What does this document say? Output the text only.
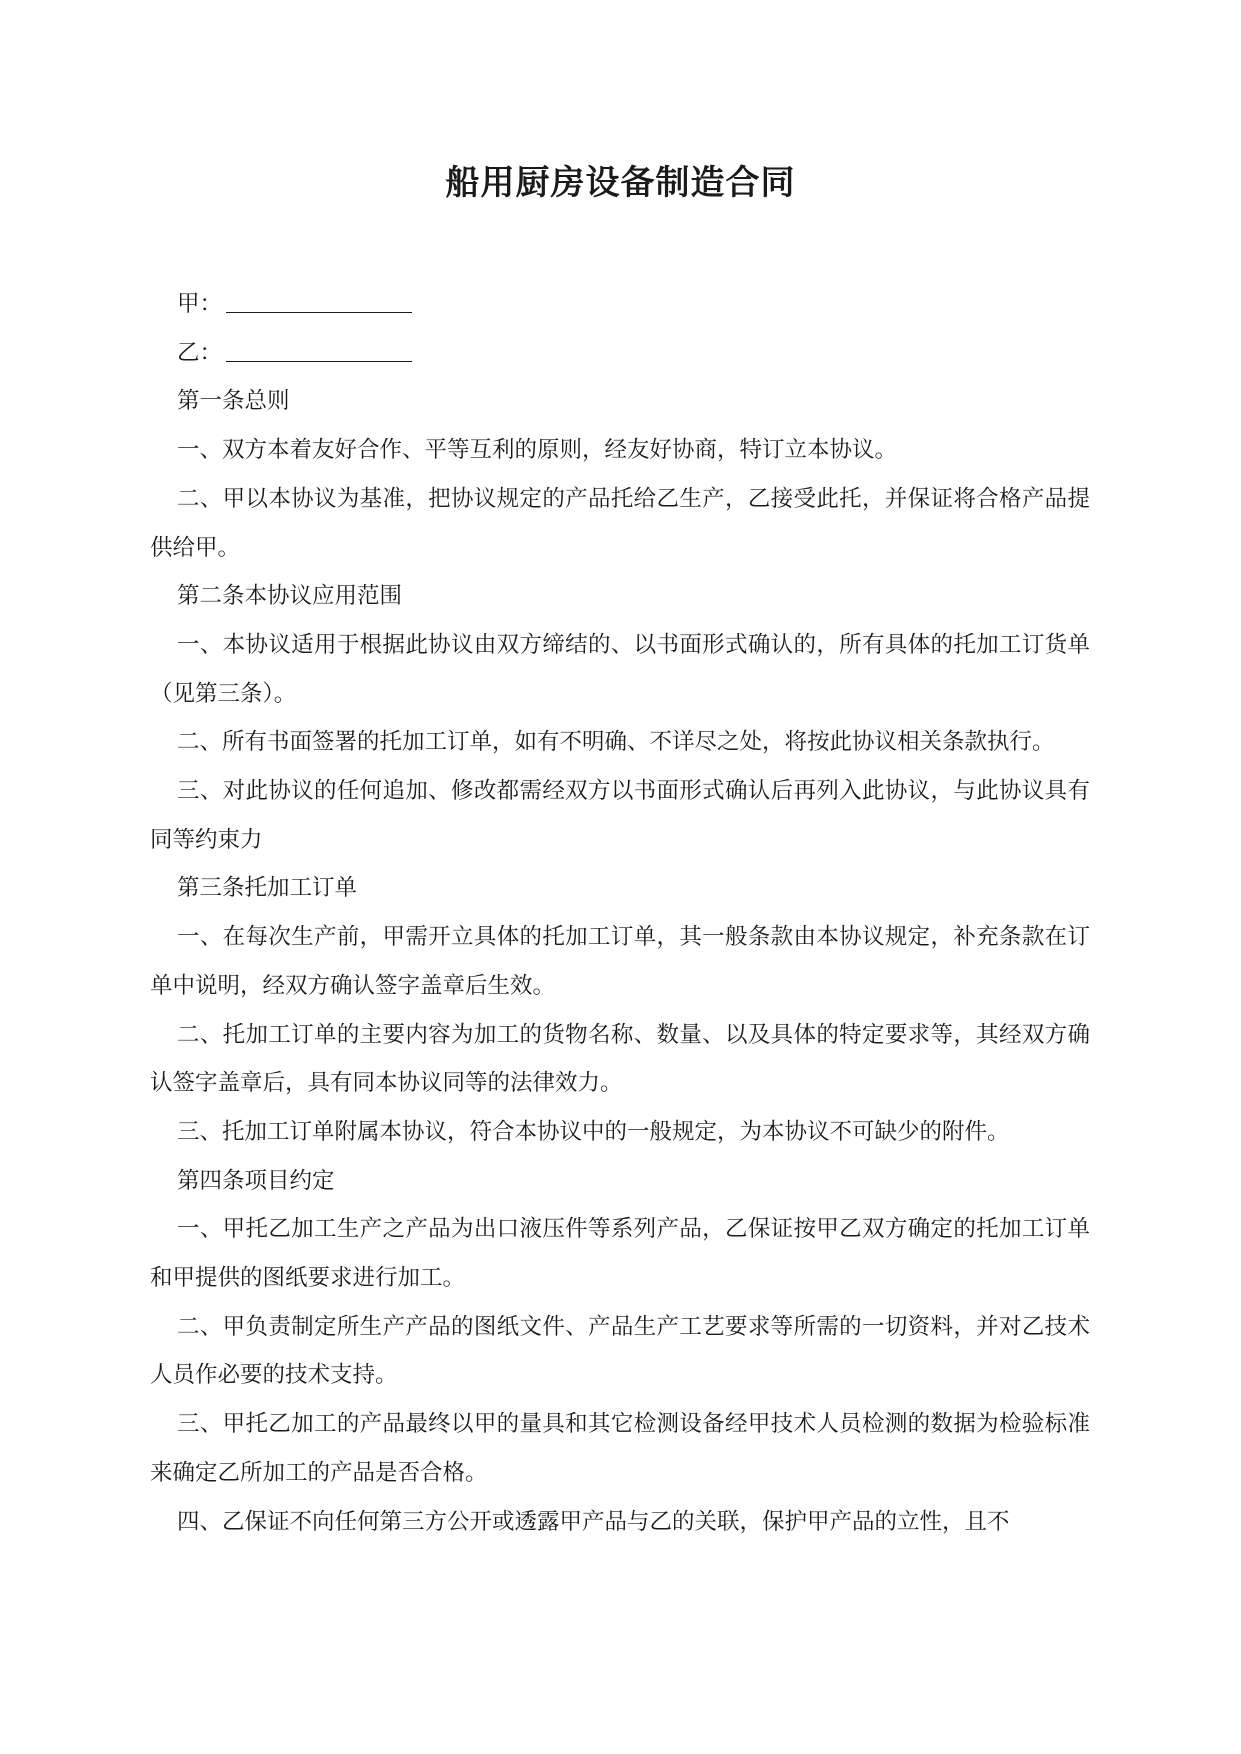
船用厨房设备制造合同

甲：

乙：

第一条总则

一、双方本着友好合作、平等互利的原则，经友好协商，特订立本协议。

二、甲以本协议为基准，把协议规定的产品托给乙生产，乙接受此托，并保证将合格产品提供给甲。

第二条本协议应用范围

一、本协议适用于根据此协议由双方缔结的、以书面形式确认的，所有具体的托加工订货单（见第三条）。

二、所有书面签署的托加工订单，如有不明确、不详尽之处，将按此协议相关条款执行。

三、对此协议的任何追加、修改都需经双方以书面形式确认后再列入此协议，与此协议具有同等约束力

第三条托加工订单

一、在每次生产前，甲需开立具体的托加工订单，其一般条款由本协议规定，补充条款在订单中说明，经双方确认签字盖章后生效。

二、托加工订单的主要内容为加工的货物名称、数量、以及具体的特定要求等，其经双方确认签字盖章后，具有同本协议同等的法律效力。

三、托加工订单附属本协议，符合本协议中的一般规定，为本协议不可缺少的附件。

第四条项目约定

一、甲托乙加工生产之产品为出口液压件等系列产品，乙保证按甲乙双方确定的托加工订单和甲提供的图纸要求进行加工。

二、甲负责制定所生产产品的图纸文件、产品生产工艺要求等所需的一切资料，并对乙技术人员作必要的技术支持。

三、甲托乙加工的产品最终以甲的量具和其它检测设备经甲技术人员检测的数据为检验标准来确定乙所加工的产品是否合格。

四、乙保证不向任何第三方公开或透露甲产品与乙的关联，保护甲产品的立性，且不
